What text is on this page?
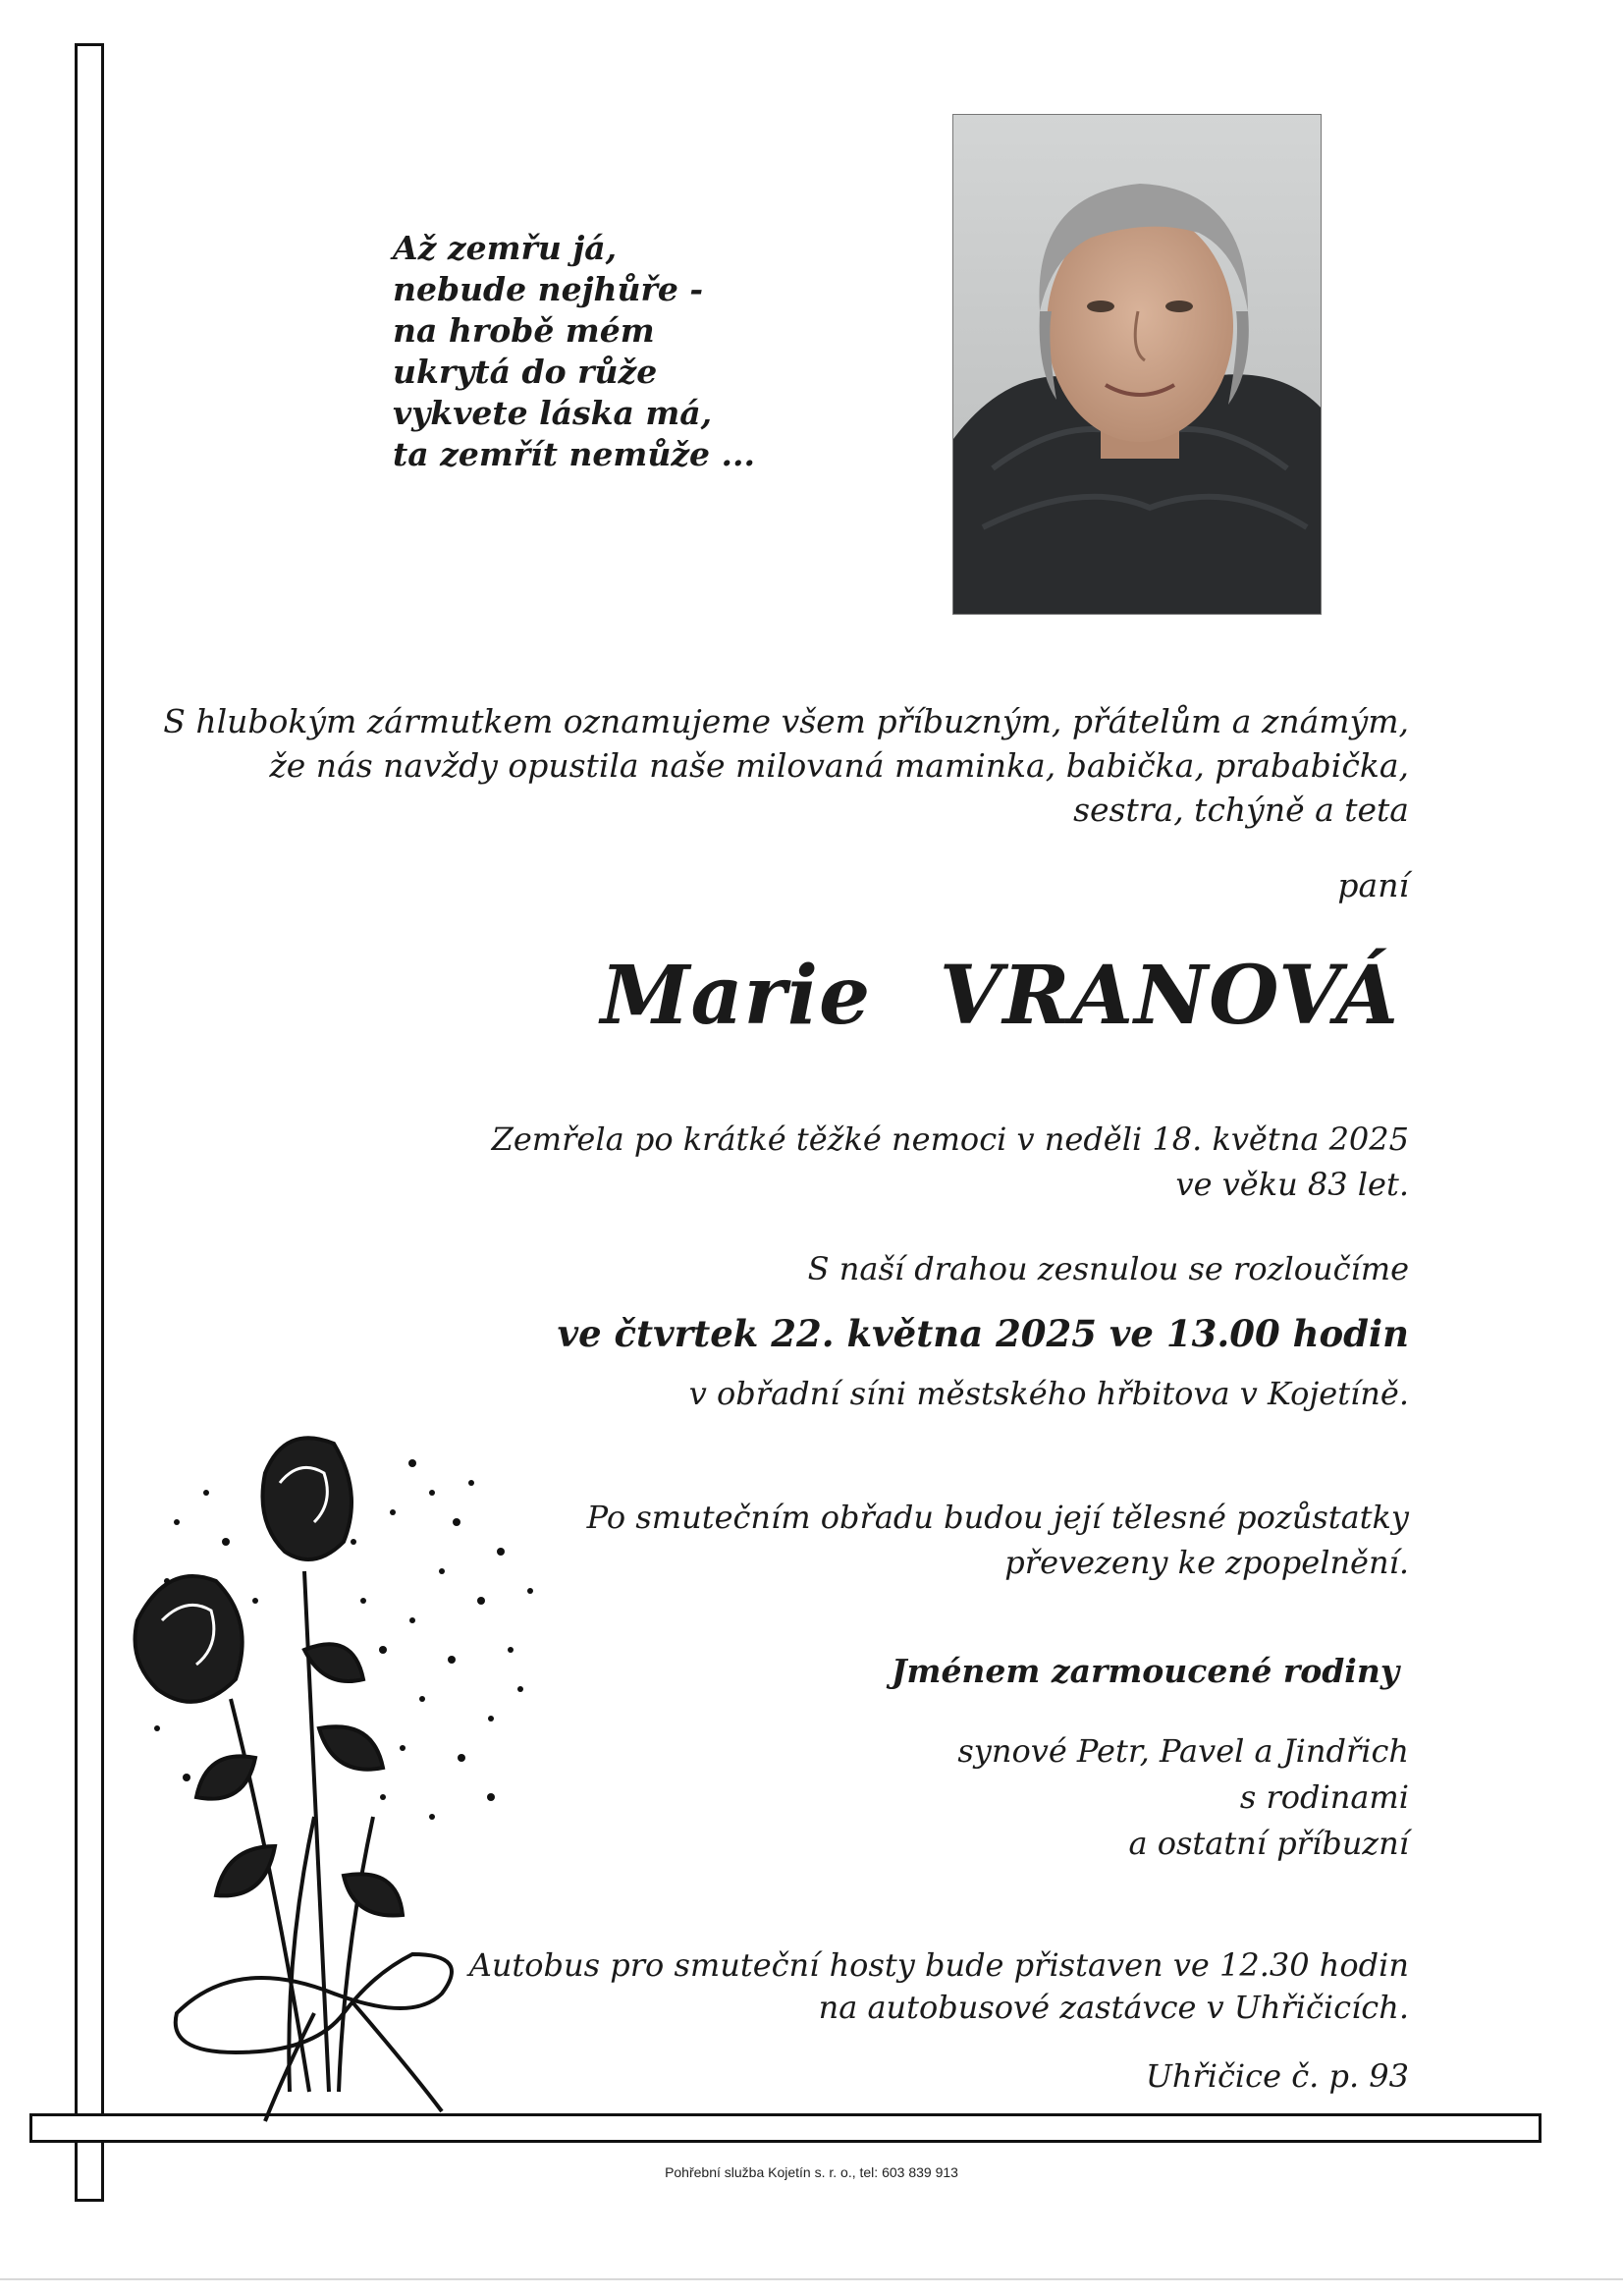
Až zemřu já,
nebude nejhůře -
na hrobě mém
ukrytá do růže
vykvete láska má,
ta zemřít nemůže ...
S hlubokým zármutkem oznamujeme všem příbuzným, přátelům a známým,
že nás navždy opustila naše milovaná maminka, babička, prababička,
sestra, tchýně a teta
paní
Marie VRANOVÁ
Zemřela po krátké těžké nemoci v neděli 18. května 2025
ve věku 83 let.
S naší drahou zesnulou se rozloučíme
ve čtvrtek 22. května 2025 ve 13.00 hodin
v obřadní síni městského hřbitova v Kojetíně.
Po smutečním obřadu budou její tělesné pozůstatky
převezeny ke zpopelnění.
Jménem zarmoucené rodiny
synové Petr, Pavel a Jindřich
s rodinami
a ostatní příbuzní
Autobus pro smuteční hosty bude přistaven ve 12.30 hodin
na autobusové zastávce v Uhřičicích.
Uhřičice č. p. 93
Pohřební služba Kojetín s. r. o., tel: 603 839 913
